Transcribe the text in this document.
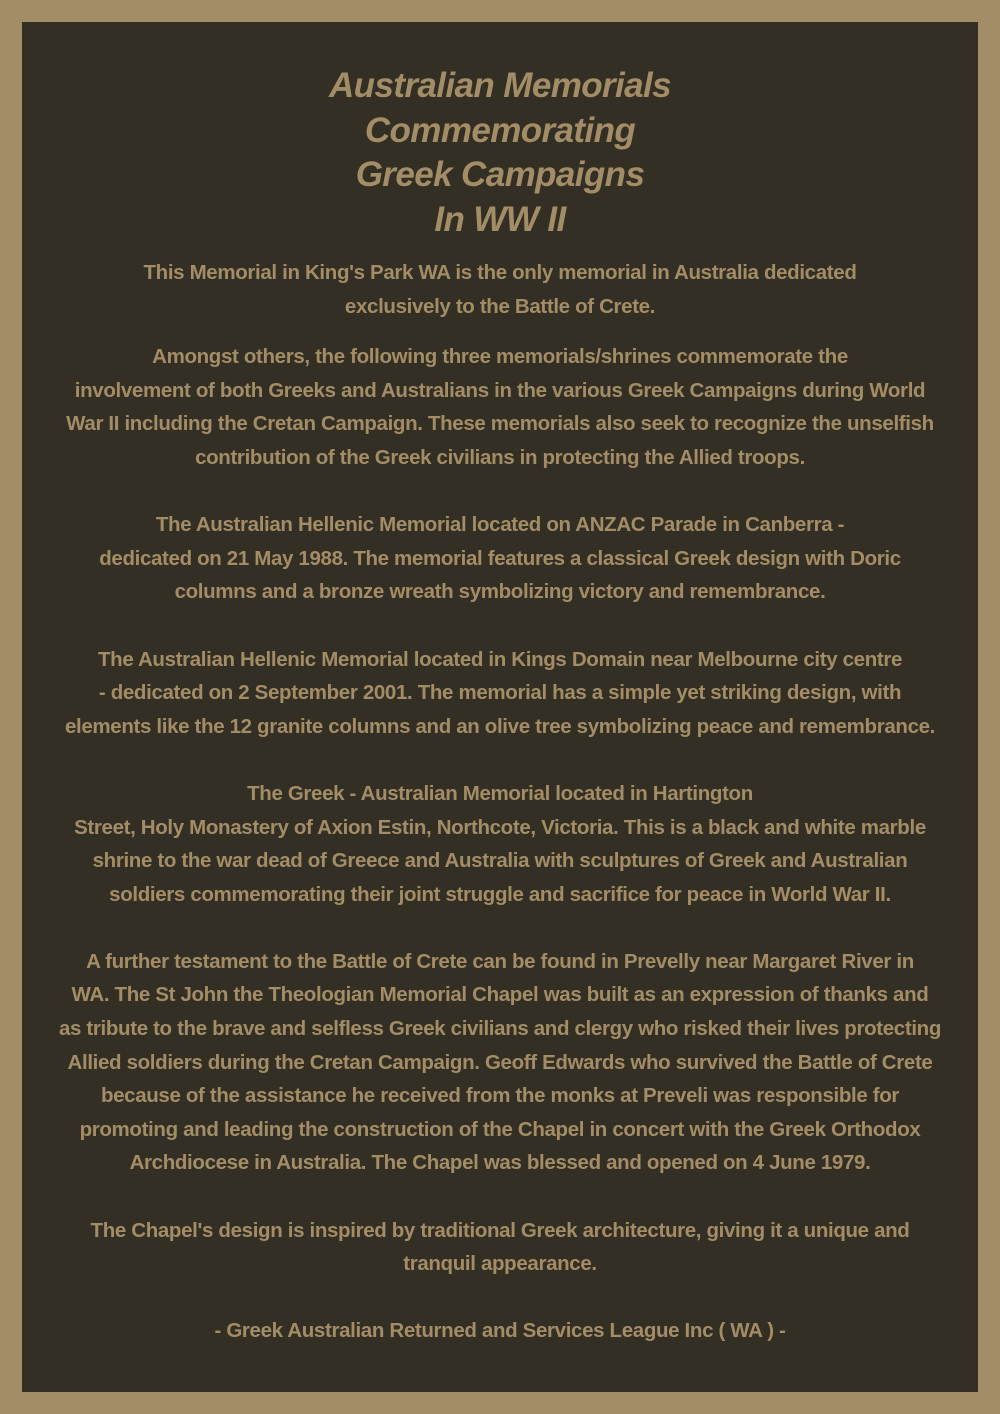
Australian Memorials
Commemorating
Greek Campaigns
In WW II

This Memorial in King's Park WA is the only memorial in Australia dedicated
exclusively to the Battle of Crete.

Amongst others, the following three memorials/shrines commemorate the
involvement of both Greeks and Australians in the various Greek Campaigns during World
War II including the Cretan Campaign. These memorials also seek to recognize the unselfish
contribution of the Greek civilians in protecting the Allied troops.

The Australian Hellenic Memorial located on ANZAC Parade in Canberra -
dedicated on 21 May 1988. The memorial features a classical Greek design with Doric
columns and a bronze wreath symbolizing victory and remembrance.

The Australian Hellenic Memorial located in Kings Domain near Melbourne city centre
- dedicated on 2 September 2001. The memorial has a simple yet striking design, with
elements like the 12 granite columns and an olive tree symbolizing peace and remembrance.

The Greek - Australian Memorial located in Hartington
Street, Holy Monastery of Axion Estin, Northcote, Victoria. This is a black and white marble
shrine to the war dead of Greece and Australia with sculptures of Greek and Australian
soldiers commemorating their joint struggle and sacrifice for peace in World War II.

A further testament to the Battle of Crete can be found in Prevelly near Margaret River in
WA. The St John the Theologian Memorial Chapel was built as an expression of thanks and
as tribute to the brave and selfless Greek civilians and clergy who risked their lives protecting
Allied soldiers during the Cretan Campaign. Geoff Edwards who survived the Battle of Crete
because of the assistance he received from the monks at Preveli was responsible for
promoting and leading the construction of the Chapel in concert with the Greek Orthodox
Archdiocese in Australia. The Chapel was blessed and opened on 4 June 1979.

The Chapel's design is inspired by traditional Greek architecture, giving it a unique and
tranquil appearance.

- Greek Australian Returned and Services League Inc ( WA ) -
